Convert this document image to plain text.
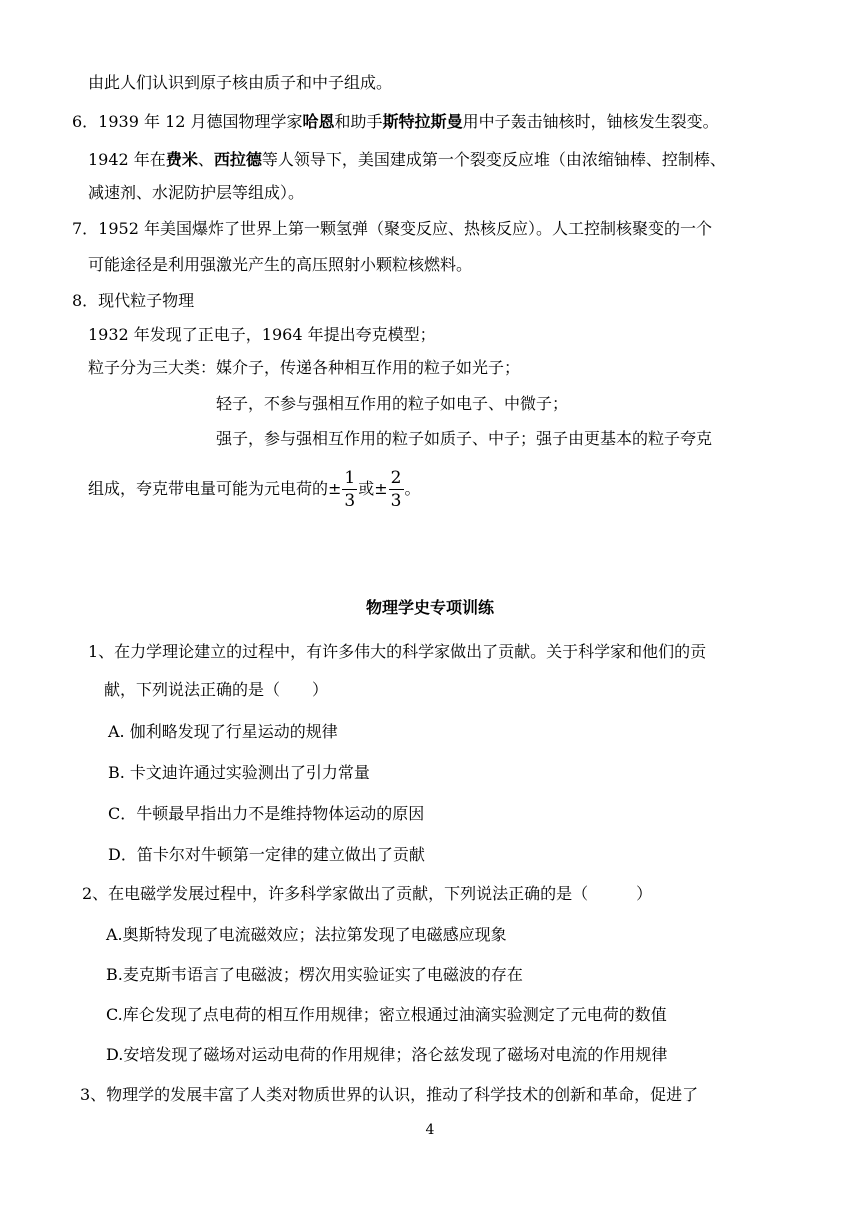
由此人们认识到原子核由质子和中子组成。
6．1939 年 12 月德国物理学家哈恩和助手斯特拉斯曼用中子轰击铀核时，铀核发生裂变。
1942 年在费米、西拉德等人领导下，美国建成第一个裂变反应堆（由浓缩铀棒、控制棒、
减速剂、水泥防护层等组成）。
7．1952 年美国爆炸了世界上第一颗氢弹（聚变反应、热核反应）。人工控制核聚变的一个
可能途径是利用强激光产生的高压照射小颗粒核燃料。
8．现代粒子物理
1932 年发现了正电子，1964 年提出夸克模型；
粒子分为三大类：媒介子，传递各种相互作用的粒子如光子；
轻子，不参与强相互作用的粒子如电子、中微子；
强子，参与强相互作用的粒子如质子、中子；强子由更基本的粒子夸克
组成，夸克带电量可能为元电荷的± $\frac{1}{3}$ 或± $\frac{2}{3}$ 。
物理学史专项训练
1、在力学理论建立的过程中，有许多伟大的科学家做出了贡献。关于科学家和他们的贡
献，下列说法正确的是（　　）
A. 伽利略发现了行星运动的规律
B. 卡文迪许通过实验测出了引力常量
C．牛顿最早指出力不是维持物体运动的原因
D．笛卡尔对牛顿第一定律的建立做出了贡献
2、在电磁学发展过程中，许多科学家做出了贡献，下列说法正确的是（　　　）
A.奥斯特发现了电流磁效应；法拉第发现了电磁感应现象
B.麦克斯韦语言了电磁波；楞次用实验证实了电磁波的存在
C.库仑发现了点电荷的相互作用规律；密立根通过油滴实验测定了元电荷的数值
D.安培发现了磁场对运动电荷的作用规律；洛仑兹发现了磁场对电流的作用规律
3、物理学的发展丰富了人类对物质世界的认识，推动了科学技术的创新和革命，促进了
4
